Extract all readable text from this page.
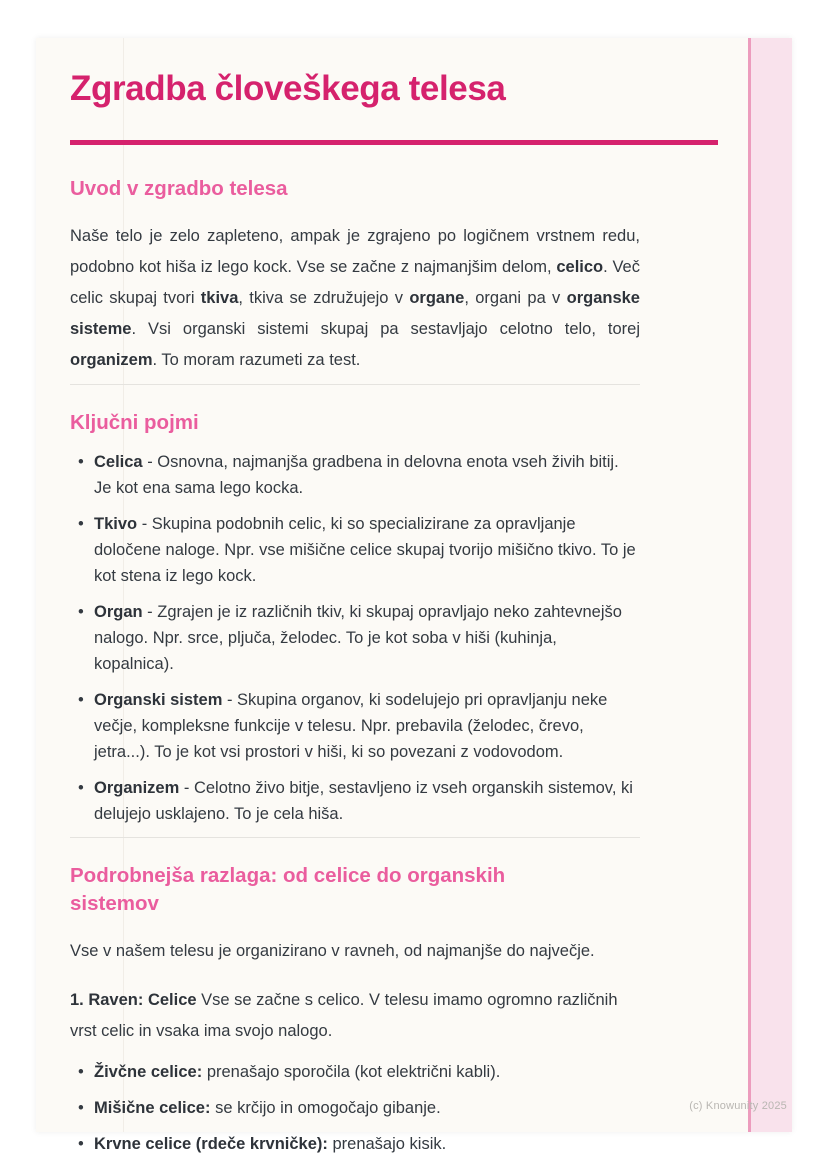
Zgradba človeškega telesa
Uvod v zgradbo telesa

Naše telo je zelo zapleteno, ampak je zgrajeno po logičnem vrstnem redu, podobno kot hiša iz lego kock. Vse se začne z najmanjšim delom, celico. Več celic skupaj tvori tkiva, tkiva se združujejo v organe, organi pa v organske sisteme. Vsi organski sistemi skupaj pa sestavljajo celotno telo, torej organizem. To moram razumeti za test.

Ključni pojmi
• Celica - Osnovna, najmanjša gradbena in delovna enota vseh živih bitij. Je kot ena sama lego kocka.
• Tkivo - Skupina podobnih celic, ki so specializirane za opravljanje določene naloge. Npr. vse mišične celice skupaj tvorijo mišično tkivo. To je kot stena iz lego kock.
• Organ - Zgrajen je iz različnih tkiv, ki skupaj opravljajo neko zahtevnejšo nalogo. Npr. srce, pljuča, želodec. To je kot soba v hiši (kuhinja, kopalnica).
• Organski sistem - Skupina organov, ki sodelujejo pri opravljanju neke večje, kompleksne funkcije v telesu. Npr. prebavila (želodec, črevo, jetra...). To je kot vsi prostori v hiši, ki so povezani z vodovodom.
• Organizem - Celotno živo bitje, sestavljeno iz vseh organskih sistemov, ki delujejo usklajeno. To je cela hiša.
Podrobnejša razlaga: od celice do organskih sistemov

Vse v našem telesu je organizirano v ravneh, od najmanjše do največje.

1. Raven: Celice Vse se začne s celico. V telesu imamo ogromno različnih vrst celic in vsaka ima svojo nalogo.

• Živčne celice: prenašajo sporočila (kot električni kabli).
• Mišične celice: se krčijo in omogočajo gibanje.
• Krvne celice (rdeče krvničke): prenašajo kisik.
(c) Knowunity 2025
